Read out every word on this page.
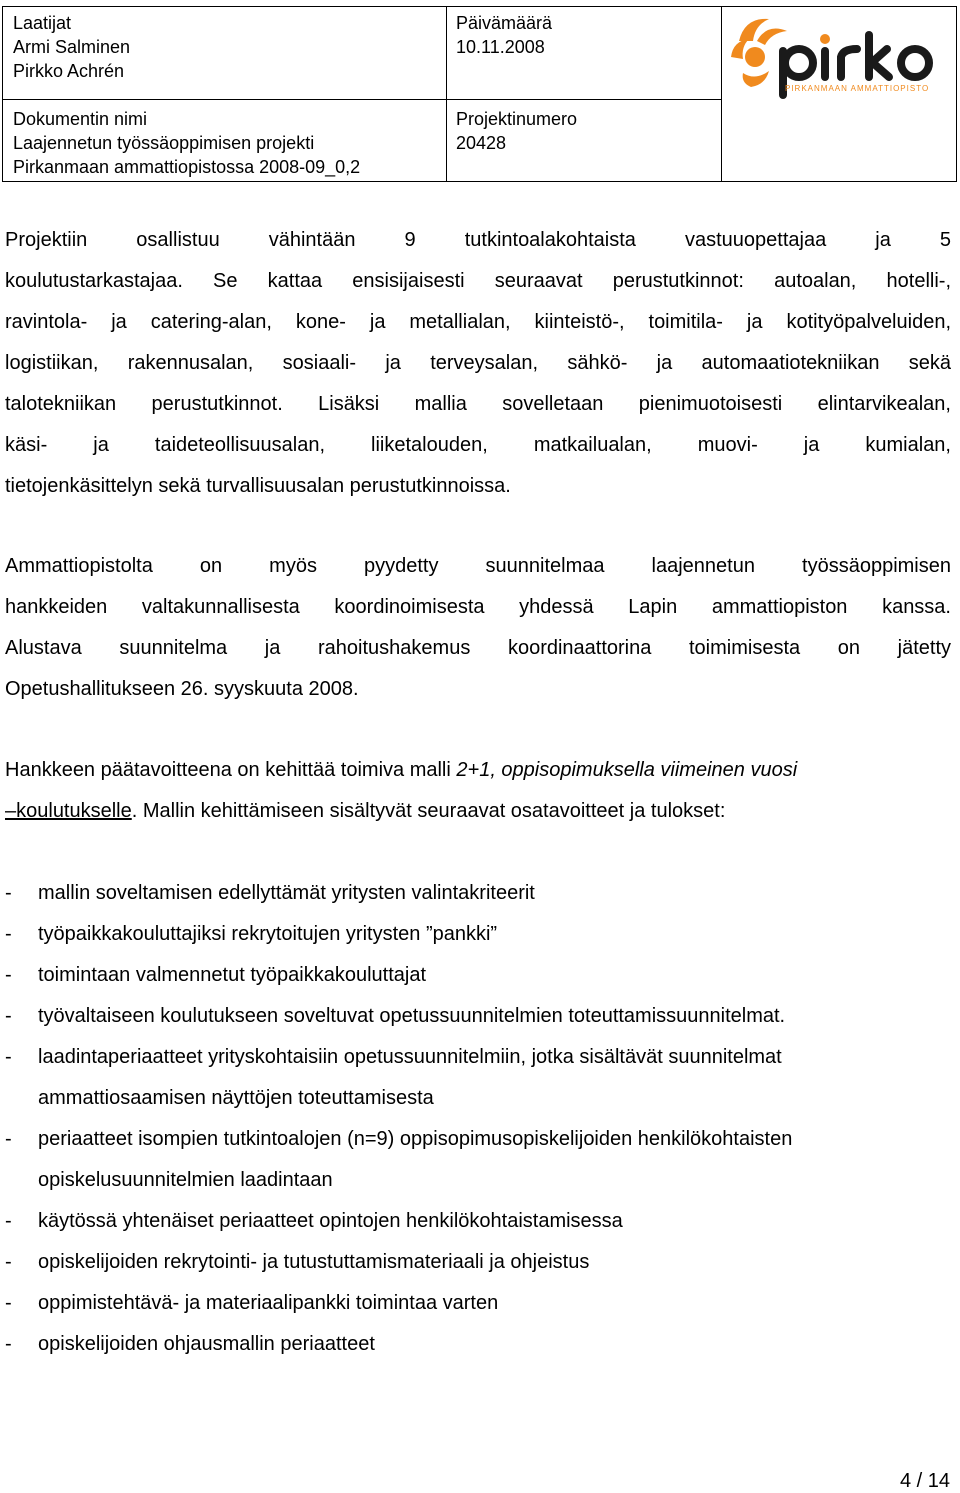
Laatijat
Armi Salminen
Pirkko Achrén
Päivämäärä
10.11.2008
Dokumentin nimi
Laajennetun työssäoppimisen projekti
Pirkanmaan ammattiopistossa 2008-09_0,2
Projektinumero
20428
PIRKANMAAN AMMATTIOPISTO
Projektiin osallistuu vähintään 9 tutkintoalakohtaista vastuuopettajaa ja 5
koulutustarkastajaa. Se kattaa ensisijaisesti seuraavat perustutkinnot: autoalan, hotelli-,
ravintola- ja catering-alan, kone- ja metallialan, kiinteistö-, toimitila- ja kotityöpalveluiden,
logistiikan, rakennusalan, sosiaali- ja terveysalan, sähkö- ja automaatiotekniikan sekä
talotekniikan perustutkinnot. Lisäksi mallia sovelletaan pienimuotoisesti elintarvikealan,
käsi- ja taideteollisuusalan, liiketalouden, matkailualan, muovi- ja kumialan,
tietojenkäsittelyn sekä turvallisuusalan perustutkinnoissa.
Ammattiopistolta on myös pyydetty suunnitelmaa laajennetun työssäoppimisen
hankkeiden valtakunnallisesta koordinoimisesta yhdessä Lapin ammattiopiston kanssa.
Alustava suunnitelma ja rahoitushakemus koordinaattorina toimimisesta on jätetty
Opetushallitukseen 26. syyskuuta 2008.
Hankkeen päätavoitteena on kehittää toimiva malli 2+1, oppisopimuksella viimeinen vuosi
–koulutukselle. Mallin kehittämiseen sisältyvät seuraavat osatavoitteet ja tulokset:
- mallin soveltamisen edellyttämät yritysten valintakriteerit
- työpaikkakouluttajiksi rekrytoitujen yritysten ”pankki”
- toimintaan valmennetut työpaikkakouluttajat
- työvaltaiseen koulutukseen soveltuvat opetussuunnitelmien toteuttamissuunnitelmat.
- laadintaperiaatteet yrityskohtaisiin opetussuunnitelmiin, jotka sisältävät suunnitelmat
ammattiosaamisen näyttöjen toteuttamisesta
- periaatteet isompien tutkintoalojen (n=9) oppisopimusopiskelijoiden henkilökohtaisten
opiskelusuunnitelmien laadintaan
- käytössä yhtenäiset periaatteet opintojen henkilökohtaistamisessa
- opiskelijoiden rekrytointi- ja tutustuttamismateriaali ja ohjeistus
- oppimistehtävä- ja materiaalipankki toimintaa varten
- opiskelijoiden ohjausmallin periaatteet
4 / 14
